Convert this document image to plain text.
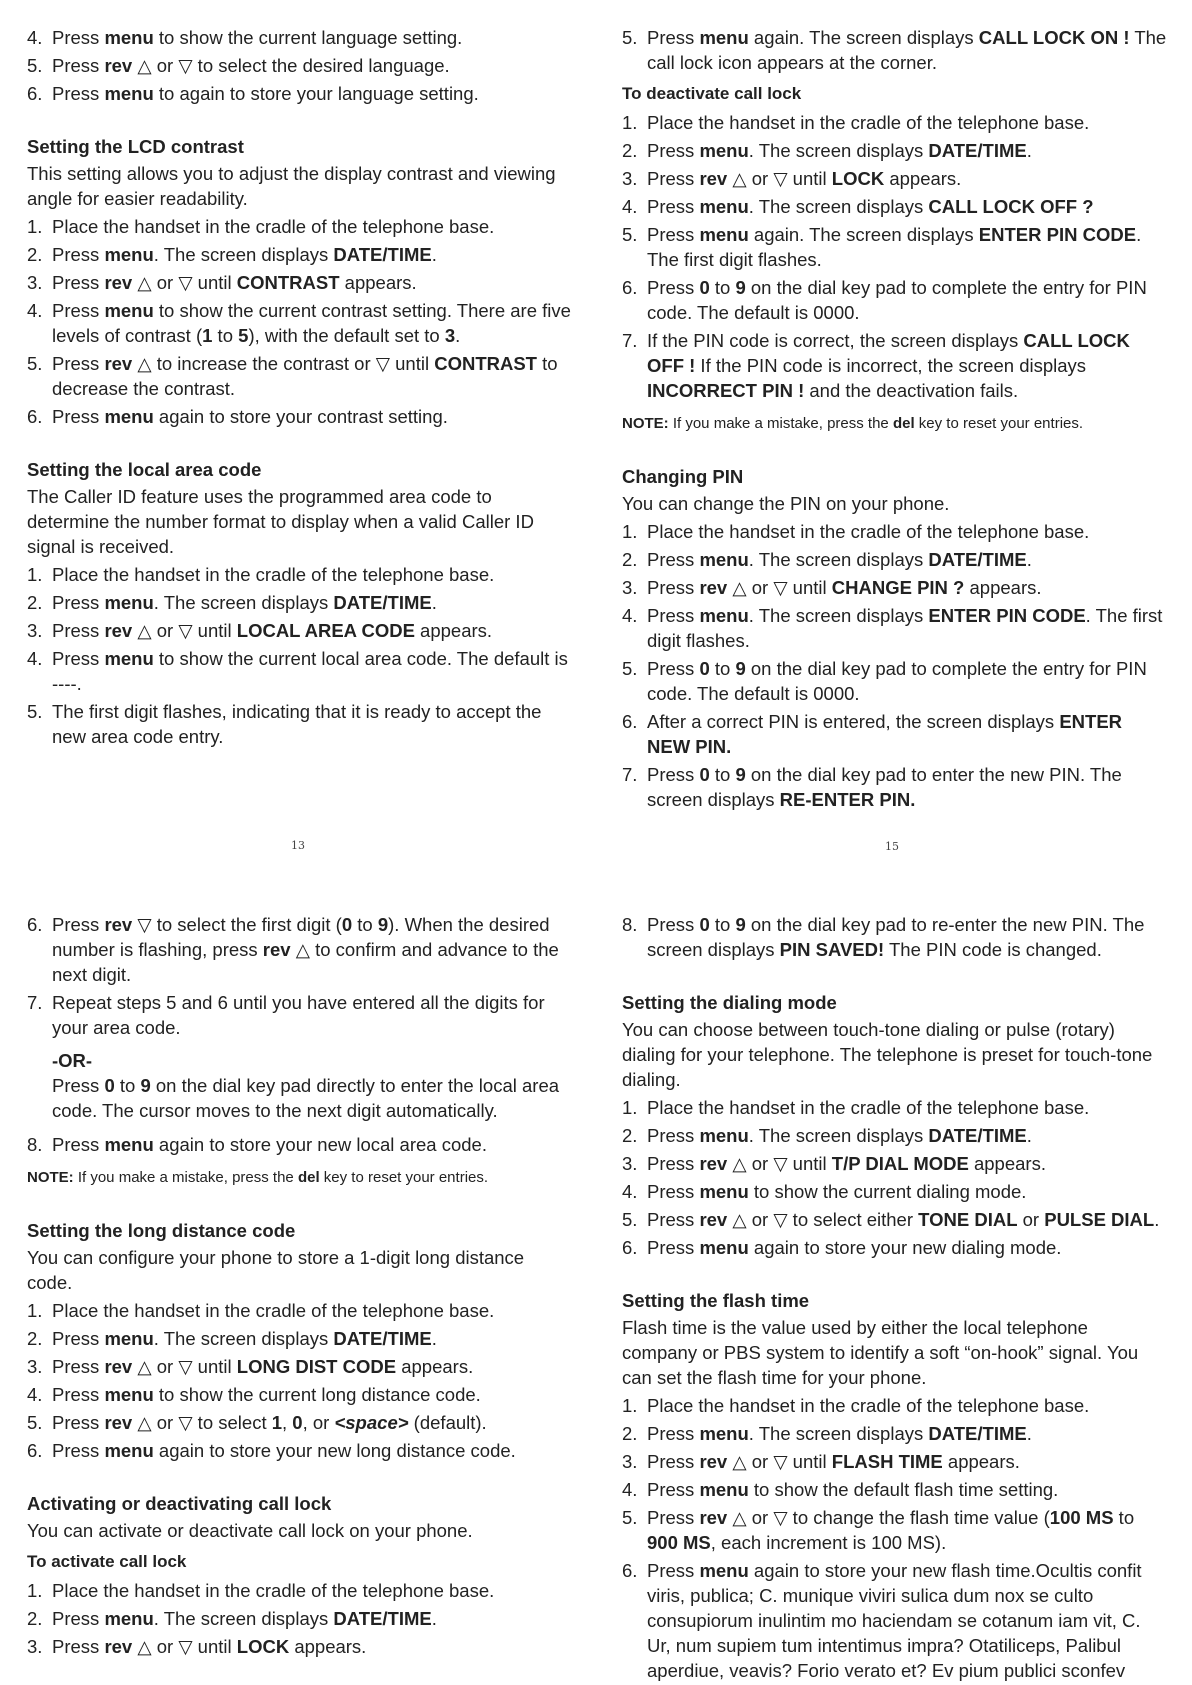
4. Press menu to show the current language setting.
5. Press rev △ or ▽ to select the desired language.
6. Press menu to again to store your language setting.
Setting the LCD contrast
This setting allows you to adjust the display contrast and viewing angle for easier readability.
1. Place the handset in the cradle of the telephone base.
2. Press menu. The screen displays DATE/TIME.
3. Press rev △ or ▽ until CONTRAST appears.
4. Press menu to show the current contrast setting. There are five levels of contrast (1 to 5), with the default set to 3.
5. Press rev △ to increase the contrast or ▽ until CONTRAST to decrease the contrast.
6. Press menu again to store your contrast setting.
Setting the local area code
The Caller ID feature uses the programmed area code to determine the number format to display when a valid Caller ID signal is received.
1. Place the handset in the cradle of the telephone base.
2. Press menu. The screen displays DATE/TIME.
3. Press rev △ or ▽ until LOCAL AREA CODE appears.
4. Press menu to show the current local area code. The default is ----.
5. The first digit flashes, indicating that it is ready to accept the new area code entry.
13
5. Press menu again. The screen displays CALL LOCK ON ! The call lock icon appears at the corner.
To deactivate call lock
1. Place the handset in the cradle of the telephone base.
2. Press menu. The screen displays DATE/TIME.
3. Press rev △ or ▽ until LOCK appears.
4. Press menu. The screen displays CALL LOCK OFF ?
5. Press menu again. The screen displays ENTER PIN CODE. The first digit flashes.
6. Press 0 to 9 on the dial key pad to complete the entry for PIN code. The default is 0000.
7. If the PIN code is correct, the screen displays CALL LOCK OFF ! If the PIN code is incorrect, the screen displays INCORRECT PIN ! and the deactivation fails.
NOTE: If you make a mistake, press the del key to reset your entries.
Changing PIN
You can change the PIN on your phone.
1. Place the handset in the cradle of the telephone base.
2. Press menu. The screen displays DATE/TIME.
3. Press rev △ or ▽ until CHANGE PIN ? appears.
4. Press menu. The screen displays ENTER PIN CODE. The first digit flashes.
5. Press 0 to 9 on the dial key pad to complete the entry for PIN code. The default is 0000.
6. After a correct PIN is entered, the screen displays ENTER NEW PIN.
7. Press 0 to 9 on the dial key pad to enter the new PIN. The screen displays RE-ENTER PIN.
15
6. Press rev ▽ to select the first digit (0 to 9). When the desired number is flashing, press rev △ to confirm and advance to the next digit.
7. Repeat steps 5 and 6 until you have entered all the digits for your area code.
-OR-
Press 0 to 9 on the dial key pad directly to enter the local area code. The cursor moves to the next digit automatically.
8. Press menu again to store your new local area code.
NOTE: If you make a mistake, press the del key to reset your entries.
Setting the long distance code
You can configure your phone to store a 1-digit long distance code.
1. Place the handset in the cradle of the telephone base.
2. Press menu. The screen displays DATE/TIME.
3. Press rev △ or ▽ until LONG DIST CODE appears.
4. Press menu to show the current long distance code.
5. Press rev △ or ▽ to select 1, 0, or <space> (default).
6. Press menu again to store your new long distance code.
Activating or deactivating call lock
You can activate or deactivate call lock on your phone.
To activate call lock
1. Place the handset in the cradle of the telephone base.
2. Press menu. The screen displays DATE/TIME.
3. Press rev △ or ▽ until LOCK appears.
8. Press 0 to 9 on the dial key pad to re-enter the new PIN. The screen displays PIN SAVED! The PIN code is changed.
Setting the dialing mode
You can choose between touch-tone dialing or pulse (rotary) dialing for your telephone. The telephone is preset for touch-tone dialing.
1. Place the handset in the cradle of the telephone base.
2. Press menu. The screen displays DATE/TIME.
3. Press rev △ or ▽ until T/P DIAL MODE appears.
4. Press menu to show the current dialing mode.
5. Press rev △ or ▽ to select either TONE DIAL or PULSE DIAL.
6. Press menu again to store your new dialing mode.
Setting the flash time
Flash time is the value used by either the local telephone company or PBS system to identify a soft “on-hook” signal. You can set the flash time for your phone.
1. Place the handset in the cradle of the telephone base.
2. Press menu. The screen displays DATE/TIME.
3. Press rev △ or ▽ until FLASH TIME appears.
4. Press menu to show the default flash time setting.
5. Press rev △ or ▽ to change the flash time value (100 MS to 900 MS, each increment is 100 MS).
6. Press menu again to store your new flash time.Ocultis confit viris, publica; C. munique viviri sulica dum nox se culto consupiorum inulintim mo haciendam se cotanum iam vit, C. Ur, num supiem tum intentimus impra? Otatiliceps, Palibul aperdiue, veavis? Forio verato et? Ev pium publici sconfev
